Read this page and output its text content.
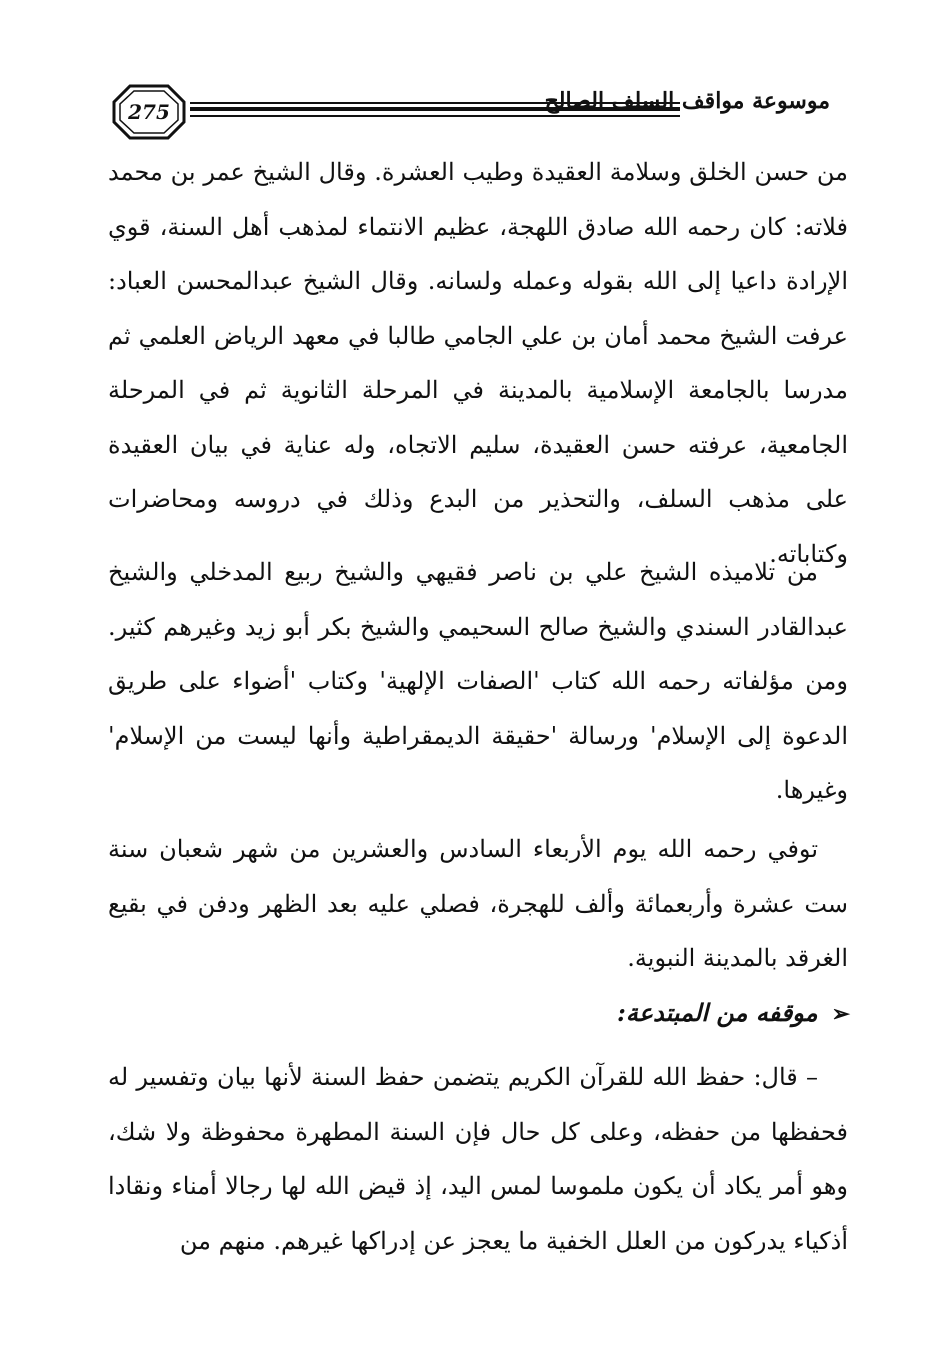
275	موسوعة مواقف السلف الصالح

من حسن الخلق وسلامة العقيدة وطيب العشرة. وقال الشيخ عمر بن محمد فلاته: كان رحمه الله صادق اللهجة، عظيم الانتماء لمذهب أهل السنة، قوي الإرادة داعيا إلى الله بقوله وعمله ولسانه. وقال الشيخ عبدالمحسن العباد: عرفت الشيخ محمد أمان بن علي الجامي طالبا في معهد الرياض العلمي ثم مدرسا بالجامعة الإسلامية بالمدينة في المرحلة الثانوية ثم في المرحلة الجامعية، عرفته حسن العقيدة، سليم الاتجاه، وله عناية في بيان العقيدة على مذهب السلف، والتحذير من البدع وذلك في دروسه ومحاضرات وكتاباته.

من تلاميذه الشيخ علي بن ناصر فقيهي والشيخ ربيع المدخلي والشيخ عبدالقادر السندي والشيخ صالح السحيمي والشيخ بكر أبو زيد وغيرهم كثير. ومن مؤلفاته رحمه الله كتاب 'الصفات الإلهية' وكتاب 'أضواء على طريق الدعوة إلى الإسلام' ورسالة 'حقيقة الديمقراطية وأنها ليست من الإسلام' وغيرها.

توفي رحمه الله يوم الأربعاء السادس والعشرين من شهر شعبان سنة ست عشرة وأربعمائة وألف للهجرة، فصلي عليه بعد الظهر ودفن في بقيع الغرقد بالمدينة النبوية.

➢موقفه من المبتدعة:

– قال: حفظ الله للقرآن الكريم يتضمن حفظ السنة لأنها بيان وتفسير له فحفظها من حفظه، وعلى كل حال فإن السنة المطهرة محفوظة ولا شك، وهو أمر يكاد أن يكون ملموسا لمس اليد، إذ قيض الله لها رجالا أمناء ونقادا أذكياء يدركون من العلل الخفية ما يعجز عن إدراكها غيرهم. منهم من
